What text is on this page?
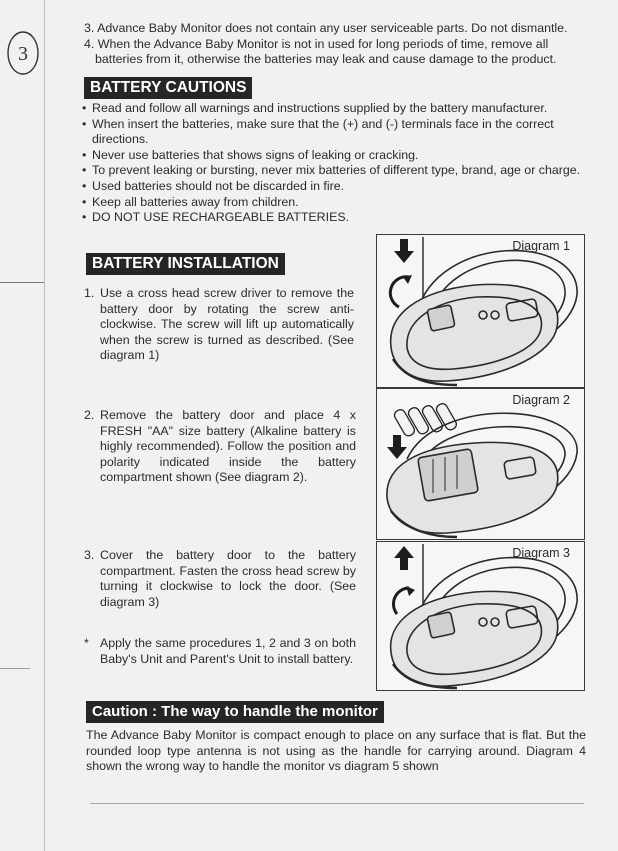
3
3. Advance Baby Monitor does not contain any user serviceable parts. Do not dismantle.
4. When the Advance Baby Monitor is not in used for long periods of time, remove all batteries from it, otherwise the batteries may leak and cause damage to the product.
BATTERY CAUTIONS
• Read and follow all warnings and instructions supplied by the battery manufacturer.
• When insert the batteries, make sure that the (+) and (-) terminals face in the correct directions.
• Never use batteries that shows signs of leaking or cracking.
• To prevent leaking or bursting, never mix batteries of different type, brand, age or charge.
• Used batteries should not be discarded in fire.
• Keep all batteries away from children.
• DO NOT USE RECHARGEABLE BATTERIES.
BATTERY INSTALLATION
1. Use a cross head screw driver to remove the battery door by rotating the screw anti-clockwise. The screw will lift up automatically when the screw is turned as described. (See diagram 1)
2. Remove the battery door and place 4 x FRESH "AA" size battery (Alkaline battery is highly recommended). Follow the position and polarity indicated inside the battery compartment shown (See diagram 2).
3. Cover the battery door to the battery compartment. Fasten the cross head screw by turning it clockwise to lock the door. (See diagram 3)
* Apply the same procedures 1, 2 and 3 on both Baby's Unit and Parent's Unit to install battery.
Diagram 1
Diagram 2
Diagram 3
Caution : The way to handle the monitor
The Advance Baby Monitor is compact enough to place on any surface that is flat. But the rounded loop type antenna is not using as the handle for carrying around. Diagram 4 shown the wrong way to handle the monitor vs diagram 5 shown
